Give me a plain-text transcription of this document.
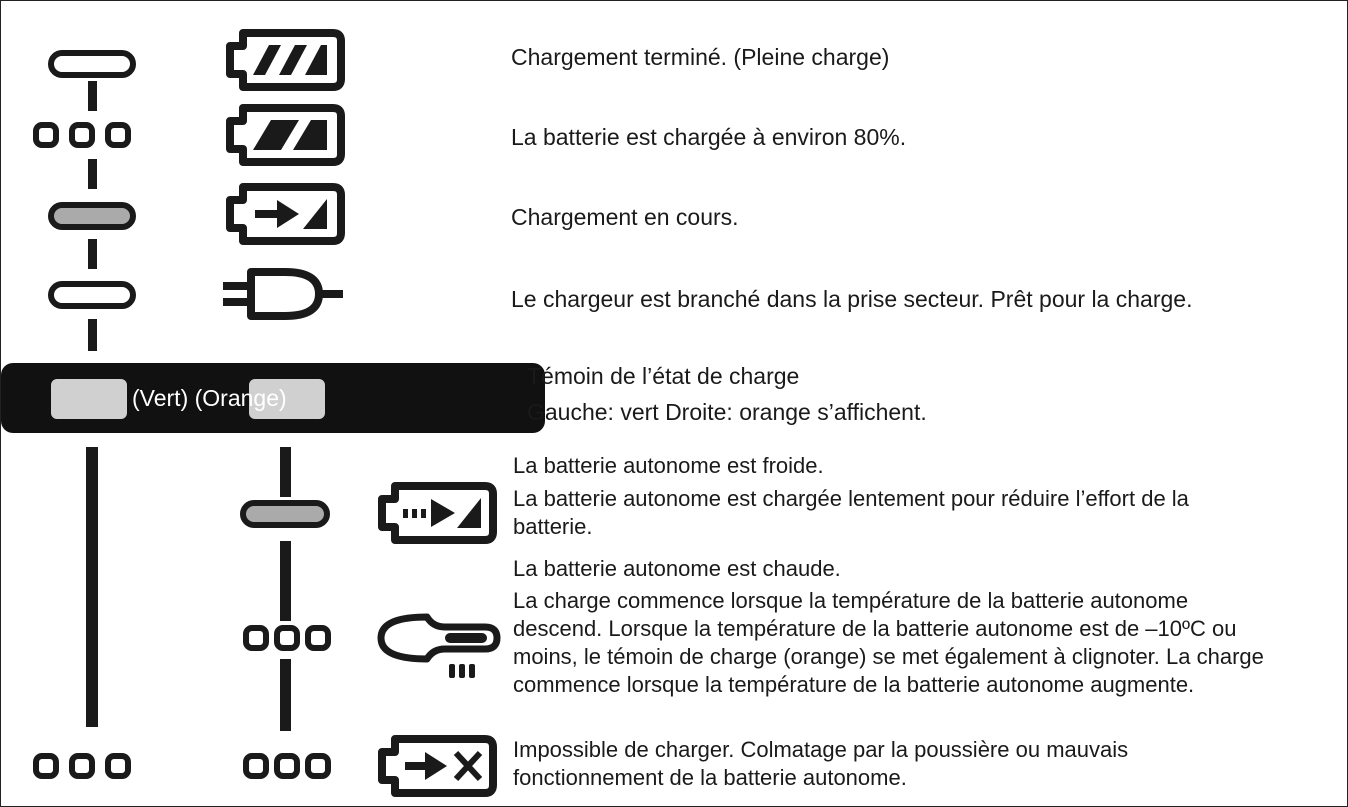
(Vert) (Orange)
Chargement terminé. (Pleine charge)
La batterie est chargée à environ 80%.
Chargement en cours.
Le chargeur est branché dans la prise secteur. Prêt pour la charge.
Témoin de l’état de charge
Gauche: vert Droite: orange s’affichent.
La batterie autonome est froide.
La batterie autonome est chargée lentement pour réduire l’effort de la
batterie.
La batterie autonome est chaude.
La charge commence lorsque la température de la batterie autonome
descend. Lorsque la température de la batterie autonome est de –10ºC ou
moins, le témoin de charge (orange) se met également à clignoter. La charge
commence lorsque la température de la batterie autonome augmente.
Impossible de charger. Colmatage par la poussière ou mauvais
fonctionnement de la batterie autonome.
